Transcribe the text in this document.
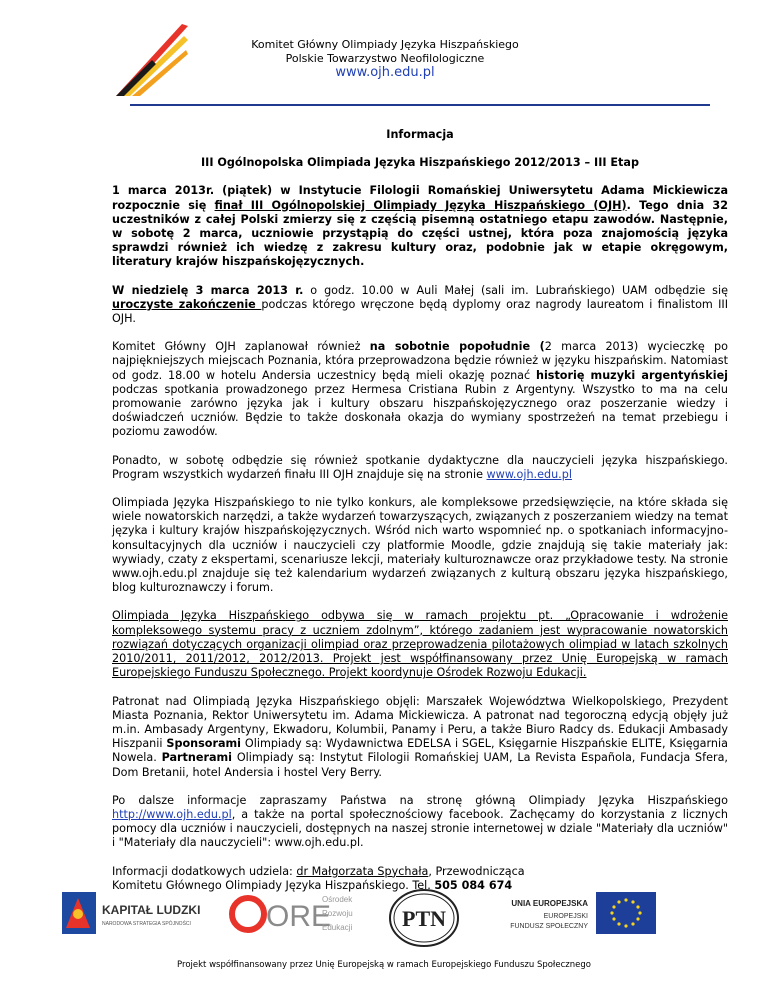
Komitet Główny Olimpiady Języka Hiszpańskiego
Polskie Towarzystwo Neofilologiczne
www.ojh.edu.pl
Informacja
III Ogólnopolska Olimpiada Języka Hiszpańskiego 2012/2013 – III Etap

1 marca 2013r. (piątek) w Instytucie Filologii Romańskiej Uniwersytetu Adama Mickiewicza rozpocznie się finał III Ogólnopolskiej Olimpiady Języka Hiszpańskiego (OJH). Tego dnia 32 uczestników z całej Polski zmierzy się z częścią pisemną ostatniego etapu zawodów. Następnie, w sobotę 2 marca, uczniowie przystąpią do części ustnej, która poza znajomością języka sprawdzi również ich wiedzę z zakresu kultury oraz, podobnie jak w etapie okręgowym, literatury krajów hiszpańskojęzycznych.

W niedzielę 3 marca 2013 r. o godz. 10.00 w Auli Małej (sali im. Lubrańskiego) UAM odbędzie się uroczyste zakończenie podczas którego wręczone będą dyplomy oraz nagrody laureatom i finalistom III OJH.

Komitet Główny OJH zaplanował również na sobotnie popołudnie (2 marca 2013) wycieczkę po najpiękniejszych miejscach Poznania, która przeprowadzona będzie również w języku hiszpańskim. Natomiast od godz. 18.00 w hotelu Andersia uczestnicy będą mieli okazję poznać historię muzyki argentyńskiej podczas spotkania prowadzonego przez Hermesa Cristiana Rubin z Argentyny. Wszystko to ma na celu promowanie zarówno języka jak i kultury obszaru hiszpańskojęzycznego oraz poszerzanie wiedzy i doświadczeń uczniów. Będzie to także doskonała okazja do wymiany spostrzeżeń na temat przebiegu i poziomu zawodów.

Ponadto, w sobotę odbędzie się również spotkanie dydaktyczne dla nauczycieli języka hiszpańskiego. Program wszystkich wydarzeń finału III OJH znajduje się na stronie www.ojh.edu.pl

Olimpiada Języka Hiszpańskiego to nie tylko konkurs, ale kompleksowe przedsięwzięcie, na które składa się wiele nowatorskich narzędzi, a także wydarzeń towarzyszących, związanych z poszerzaniem wiedzy na temat języka i kultury krajów hiszpańskojęzycznych. Wśród nich warto wspomnieć np. o spotkaniach informacyjno-konsultacyjnych dla uczniów i nauczycieli czy platformie Moodle, gdzie znajdują się takie materiały jak: wywiady, czaty z ekspertami, scenariusze lekcji, materiały kulturoznawcze oraz przykładowe testy. Na stronie www.ojh.edu.pl znajduje się też kalendarium wydarzeń związanych z kulturą obszaru języka hiszpańskiego, blog kulturoznawczy i forum.

Olimpiada Języka Hiszpańskiego odbywa się w ramach projektu pt. „Opracowanie i wdrożenie kompleksowego systemu pracy z uczniem zdolnym”, którego zadaniem jest wypracowanie nowatorskich rozwiązań dotyczących organizacji olimpiad oraz przeprowadzenia pilotażowych olimpiad w latach szkolnych 2010/2011, 2011/2012, 2012/2013. Projekt jest współfinansowany przez Unię Europejską w ramach Europejskiego Funduszu Społecznego. Projekt koordynuje Ośrodek Rozwoju Edukacji.

Patronat nad Olimpiadą Języka Hiszpańskiego objęli: Marszałek Województwa Wielkopolskiego, Prezydent Miasta Poznania, Rektor Uniwersytetu im. Adama Mickiewicza. A patronat nad tegoroczną edycją objęły już m.in. Ambasady Argentyny, Ekwadoru, Kolumbii, Panamy i Peru, a także Biuro Radcy ds. Edukacji Ambasady Hiszpanii Sponsorami Olimpiady są: Wydawnictwa EDELSA i SGEL, Księgarnie Hiszpańskie ELITE, Księgarnia Nowela. Partnerami Olimpiady są: Instytut Filologii Romańskiej UAM, La Revista Española, Fundacja Sfera, Dom Bretanii, hotel Andersia i hostel Very Berry.

Po dalsze informacje zapraszamy Państwa na stronę główną Olimpiady Języka Hiszpańskiego http://www.ojh.edu.pl, a także na portal społecznościowy facebook. Zachęcamy do korzystania z licznych pomocy dla uczniów i nauczycieli, dostępnych na naszej stronie internetowej w dziale "Materiały dla uczniów" i "Materiały dla nauczycieli": www.ojh.edu.pl.

Informacji dodatkowych udziela: dr Małgorzata Spychała, Przewodnicząca
Komitetu Głównego Olimpiady Języka Hiszpańskiego. Tel. 505 084 674

KAPITAŁ LUDZKI
NARODOWA STRATEGIA SPÓJNOŚCI	ORE
Ośrodek
Rozwoju
Edukacji PTN
UNIA EUROPEJSKA
EUROPEJSKI
FUNDUSZ SPOŁECZNY
Projekt współfinansowany przez Unię Europejską w ramach Europejskiego Funduszu Społecznego
